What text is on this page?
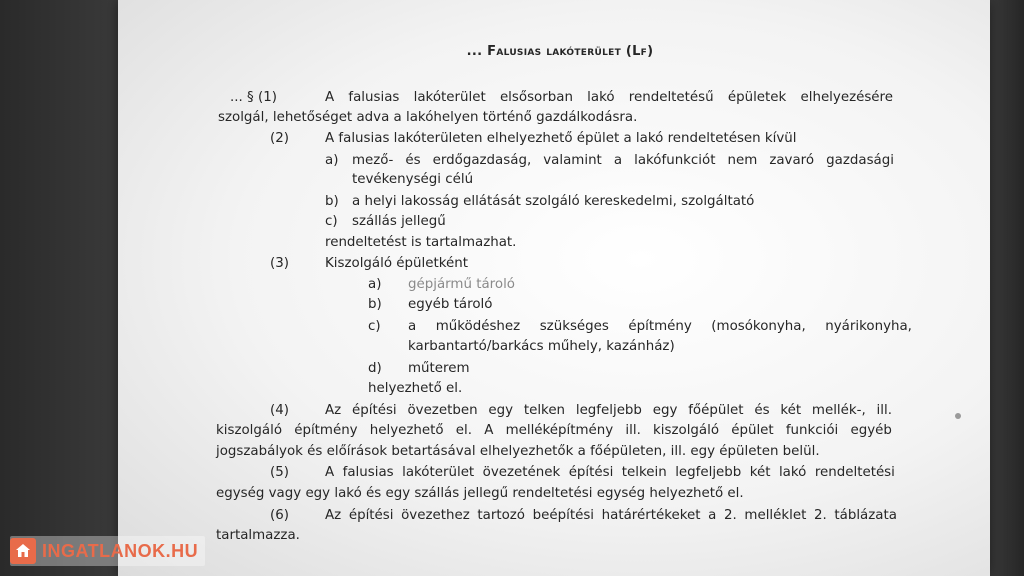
... Falusias lakóterület (Lf)
... § (1)	A falusias lakóterület elsősorban lakó rendeltetésű épületek elhelyezésére
szolgál, lehetőséget adva a lakóhelyen történő gazdálkodásra.
(2)	A falusias lakóterületen elhelyezhető épület a lakó rendeltetésen kívül
a) mező- és erdőgazdaság, valamint a lakófunkciót nem zavaró gazdasági
tevékenységi célú
b) a helyi lakosság ellátását szolgáló kereskedelmi, szolgáltató
c) szállás jellegű
rendeltetést is tartalmazhat.
(3)	Kiszolgáló épületként
a) gépjármű tároló
b) egyéb tároló
c) a működéshez szükséges építmény (mosókonyha, nyárikonyha,
karbantartó/barkács műhely, kazánház)
d) műterem
helyezhető el.
(4)	Az építési övezetben egy telken legfeljebb egy főépület és két mellék-, ill.
kiszolgáló építmény helyezhető el. A melléképítmény ill. kiszolgáló épület funkciói egyéb
jogszabályok és előírások betartásával elhelyezhetők a főépületen, ill. egy épületen belül.
(5)	A falusias lakóterület övezetének építési telkein legfeljebb két lakó rendeltetési
egység vagy egy lakó és egy szállás jellegű rendeltetési egység helyezhető el.
(6)	Az építési övezethez tartozó beépítési határértékeket a 2. melléklet 2. táblázata
tartalmazza.
INGATLANOK.HU
